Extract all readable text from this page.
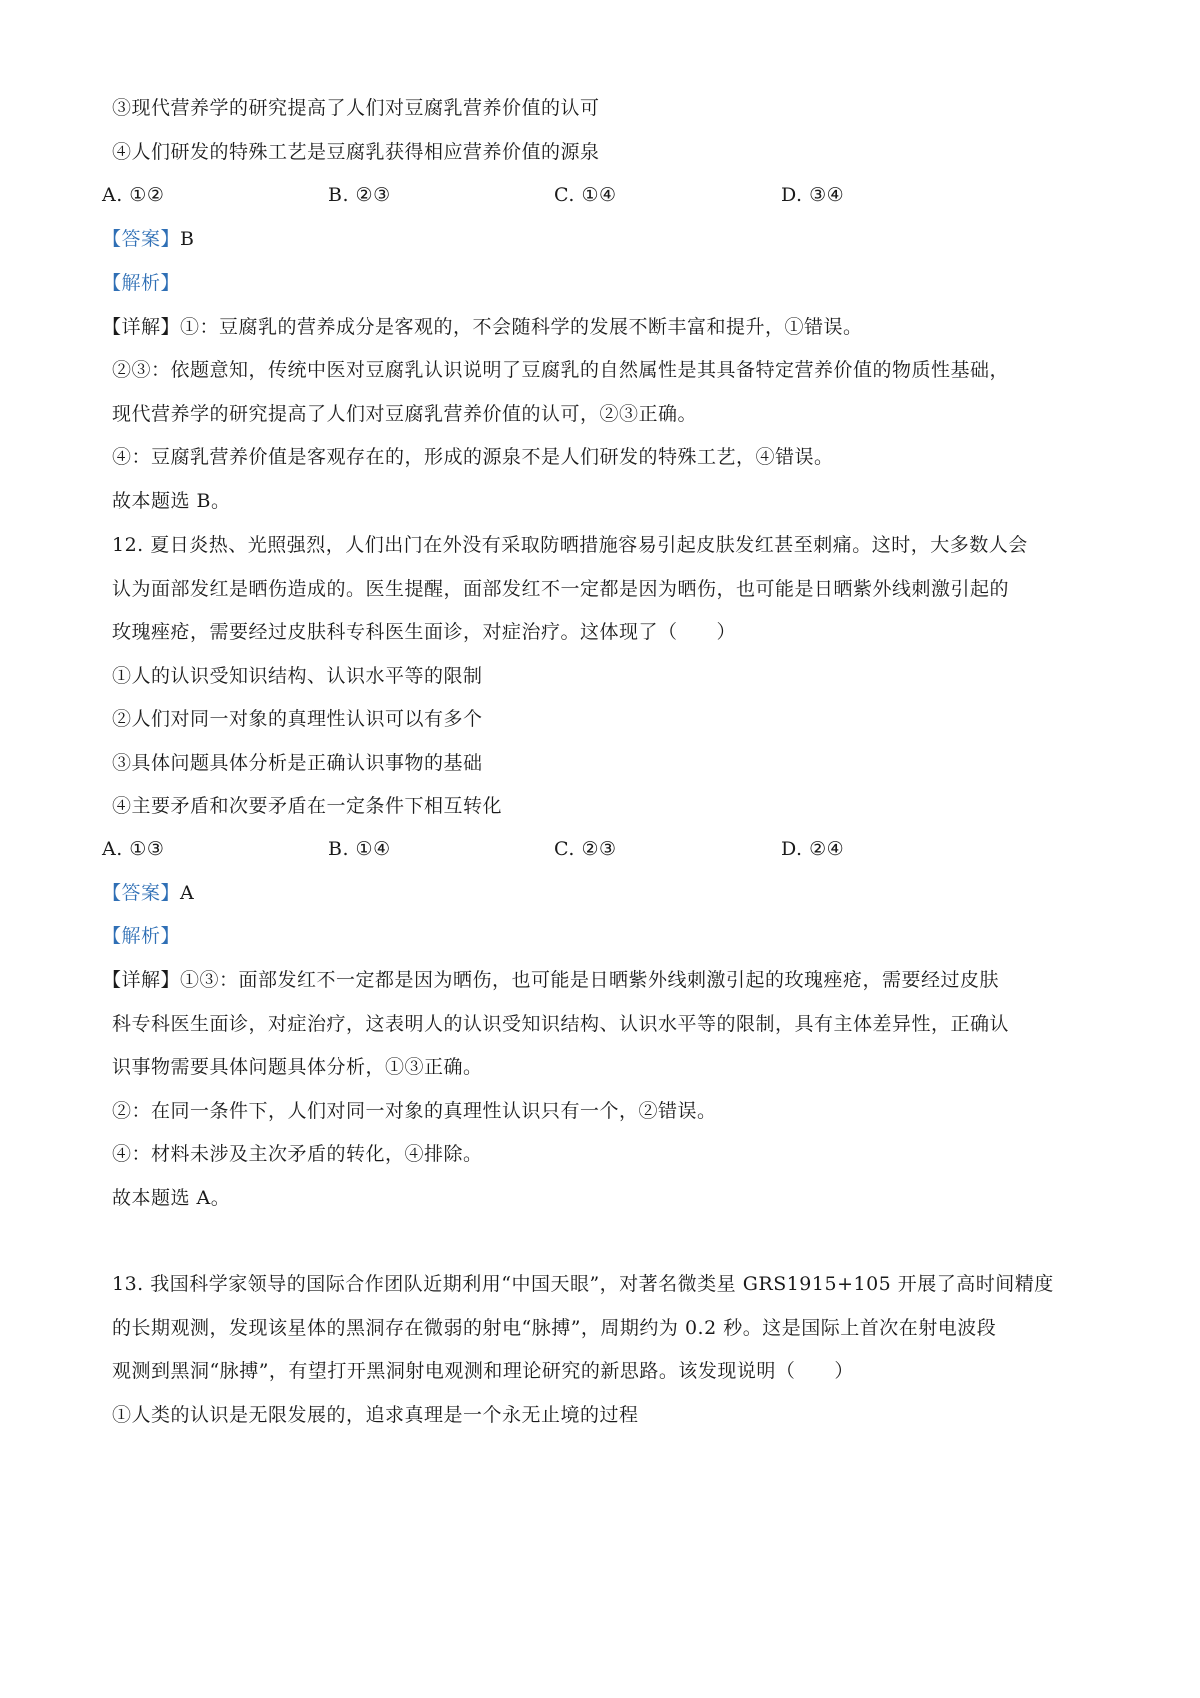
③现代营养学的研究提高了人们对豆腐乳营养价值的认可
④人们研发的特殊工艺是豆腐乳获得相应营养价值的源泉
A. ①②	B. ②③	C. ①④	D. ③④
【答案】B
【解析】
【详解】①：豆腐乳的营养成分是客观的，不会随科学的发展不断丰富和提升，①错误。
②③：依题意知，传统中医对豆腐乳认识说明了豆腐乳的自然属性是其具备特定营养价值的物质性基础，
现代营养学的研究提高了人们对豆腐乳营养价值的认可，②③正确。
④：豆腐乳营养价值是客观存在的，形成的源泉不是人们研发的特殊工艺，④错误。
故本题选 B。
12. 夏日炎热、光照强烈，人们出门在外没有采取防晒措施容易引起皮肤发红甚至刺痛。这时，大多数人会
认为面部发红是晒伤造成的。医生提醒，面部发红不一定都是因为晒伤，也可能是日晒紫外线刺激引起的
玫瑰痤疮，需要经过皮肤科专科医生面诊，对症治疗。这体现了（　　）
①人的认识受知识结构、认识水平等的限制
②人们对同一对象的真理性认识可以有多个
③具体问题具体分析是正确认识事物的基础
④主要矛盾和次要矛盾在一定条件下相互转化
A. ①③	B. ①④	C. ②③	D. ②④
【答案】A
【解析】
【详解】①③：面部发红不一定都是因为晒伤，也可能是日晒紫外线刺激引起的玫瑰痤疮，需要经过皮肤
科专科医生面诊，对症治疗，这表明人的认识受知识结构、认识水平等的限制，具有主体差异性，正确认
识事物需要具体问题具体分析，①③正确。
②：在同一条件下，人们对同一对象的真理性认识只有一个，②错误。
④：材料未涉及主次矛盾的转化，④排除。
故本题选 A。
13. 我国科学家领导的国际合作团队近期利用“中国天眼”，对著名微类星 GRS1915+105 开展了高时间精度
的长期观测，发现该星体的黑洞存在微弱的射电“脉搏”，周期约为 0.2 秒。这是国际上首次在射电波段
观测到黑洞“脉搏”，有望打开黑洞射电观测和理论研究的新思路。该发现说明（　　）
①人类的认识是无限发展的，追求真理是一个永无止境的过程
